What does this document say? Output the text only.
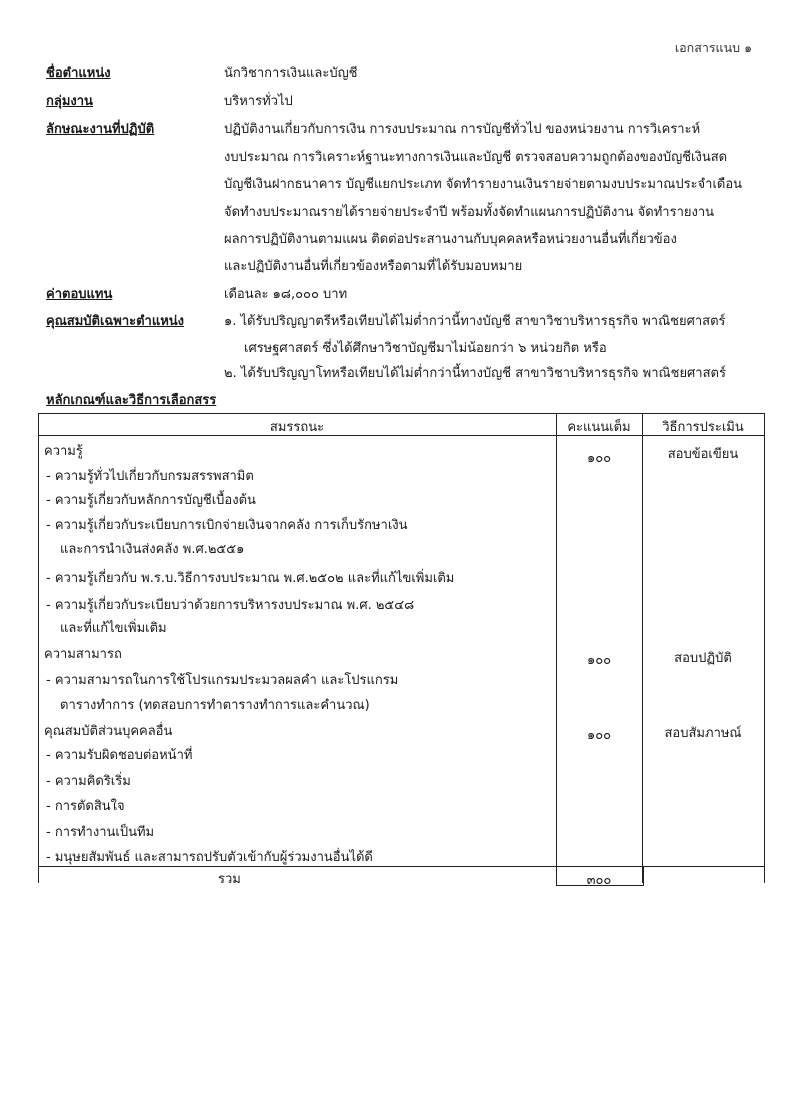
เอกสารแนบ ๑
ชื่อตำแหน่ง	นักวิชาการเงินและบัญชี
กลุ่มงาน	บริหารทั่วไป
ลักษณะงานที่ปฏิบัติ	ปฏิบัติงานเกี่ยวกับการเงิน การงบประมาณ การบัญชีทั่วไป ของหน่วยงาน การวิเคราะห์
งบประมาณ การวิเคราะห์ฐานะทางการเงินและบัญชี ตรวจสอบความถูกต้องของบัญชีเงินสด
บัญชีเงินฝากธนาคาร บัญชีแยกประเภท จัดทำรายงานเงินรายจ่ายตามงบประมาณประจำเดือน
จัดทำงบประมาณรายได้รายจ่ายประจำปี พร้อมทั้งจัดทำแผนการปฏิบัติงาน จัดทำรายงาน
ผลการปฏิบัติงานตามแผน ติดต่อประสานงานกับบุคคลหรือหน่วยงานอื่นที่เกี่ยวข้อง
และปฏิบัติงานอื่นที่เกี่ยวข้องหรือตามที่ได้รับมอบหมาย
ค่าตอบแทน	เดือนละ ๑๘,๐๐๐ บาท
คุณสมบัติเฉพาะตำแหน่ง	๑. ได้รับปริญญาตรีหรือเทียบได้ไม่ต่ำกว่านี้ทางบัญชี สาขาวิชาบริหารธุรกิจ พาณิชยศาสตร์
เศรษฐศาสตร์ ซึ่งได้ศึกษาวิชาบัญชีมาไม่น้อยกว่า ๖ หน่วยกิต หรือ
๒. ได้รับปริญญาโทหรือเทียบได้ไม่ต่ำกว่านี้ทางบัญชี สาขาวิชาบริหารธุรกิจ พาณิชยศาสตร์
หลักเกณฑ์และวิธีการเลือกสรร
สมรรถนะ	คะแนนเต็ม	วิธีการประเมิน
ความรู้	๑๐๐	สอบข้อเขียน
- ความรู้ทั่วไปเกี่ยวกับกรมสรรพสามิต
- ความรู้เกี่ยวกับหลักการบัญชีเบื้องต้น
- ความรู้เกี่ยวกับระเบียบการเบิกจ่ายเงินจากคลัง การเก็บรักษาเงิน
และการนำเงินส่งคลัง พ.ศ.๒๕๕๑
- ความรู้เกี่ยวกับ พ.ร.บ.วิธีการงบประมาณ พ.ศ.๒๕๐๒ และที่แก้ไขเพิ่มเติม
- ความรู้เกี่ยวกับระเบียบว่าด้วยการบริหารงบประมาณ พ.ศ. ๒๕๔๘
และที่แก้ไขเพิ่มเติม
ความสามารถ	๑๐๐	สอบปฏิบัติ
- ความสามารถในการใช้โปรแกรมประมวลผลคำ และโปรแกรม
ตารางทำการ (ทดสอบการทำตารางทำการและคำนวณ)
คุณสมบัติส่วนบุคคลอื่น	๑๐๐	สอบสัมภาษณ์
- ความรับผิดชอบต่อหน้าที่
- ความคิดริเริ่ม
- การตัดสินใจ
- การทำงานเป็นทีม
- มนุษยสัมพันธ์ และสามารถปรับตัวเข้ากับผู้ร่วมงานอื่นได้ดี
รวม	๓๐๐
